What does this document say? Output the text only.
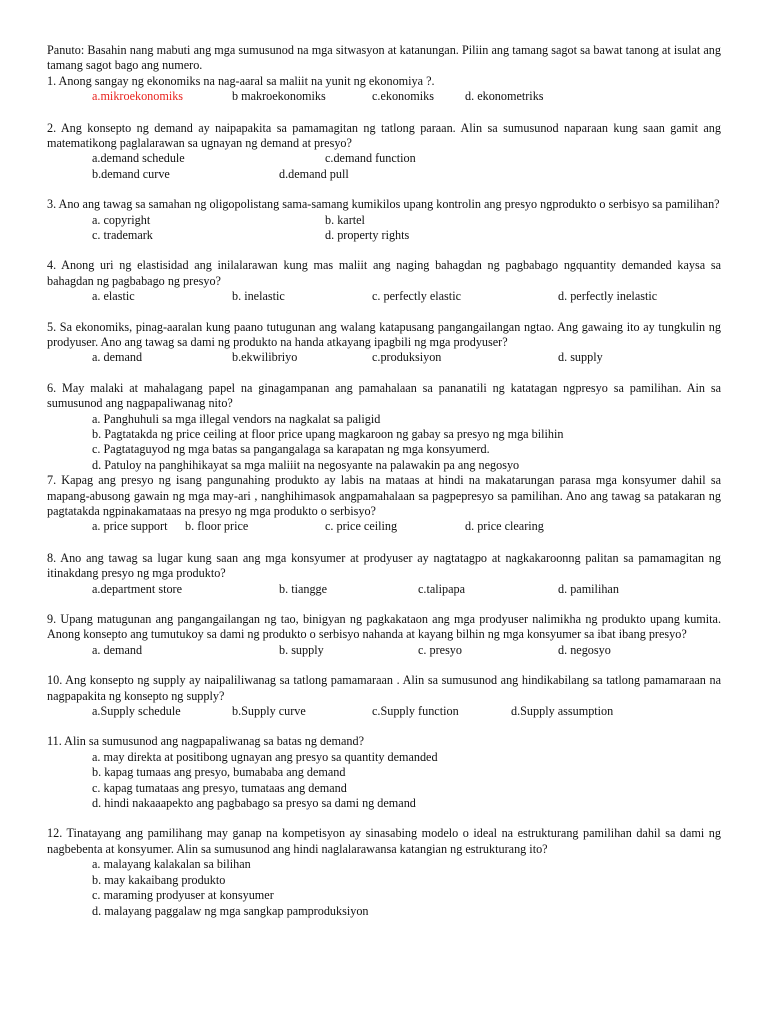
Panuto: Basahin nang mabuti ang mga sumusunod na mga sitwasyon at katanungan. Piliin ang tamang sagot sa bawat tanong at isulat ang tamang sagot bago ang numero.

1. Anong sangay ng ekonomiks na nag-aaral sa maliit na yunit ng ekonomiya ?.
a.mikroekonomiks	b makroekonomiks	c.ekonomiks	d. ekonometriks
2. Ang konsepto ng demand ay naipapakita sa pamamagitan ng tatlong paraan. Alin sa sumusunod naparaan kung saan gamit ang matematikong paglalarawan sa ugnayan ng demand at presyo?
a.demand schedule	c.demand function
b.demand curve	d.demand pull
3. Ano ang tawag sa samahan ng oligopolistang sama-samang kumikilos upang kontrolin ang presyo ngprodukto o serbisyo sa pamilihan?
a. copyright	b. kartel
c. trademark	d. property rights
4. Anong uri ng elastisidad ang inilalarawan kung mas maliit ang naging bahagdan ng pagbabago ngquantity demanded kaysa sa bahagdan ng pagbabago ng presyo?
a. elastic	b. inelastic	c. perfectly elastic	d. perfectly inelastic
5. Sa ekonomiks, pinag-aaralan kung paano tutugunan ang walang katapusang pangangailangan ngtao. Ang gawaing ito ay tungkulin ng prodyuser. Ano ang tawag sa dami ng produkto na handa atkayang ipagbili ng mga prodyuser?
a. demand	b.ekwilibriyo	c.produksiyon	d. supply
6. May malaki at mahalagang papel na ginagampanan ang pamahalaan sa pananatili ng katatagan ngpresyo sa pamilihan. Ain sa sumusunod ang nagpapaliwanag nito?
a. Panghuhuli sa mga illegal vendors na nagkalat sa paligid
b. Pagtatakda ng price ceiling at floor price upang magkaroon ng gabay sa presyo ng mga bilihin
c. Pagtataguyod ng mga batas sa pangangalaga sa karapatan ng mga konsyumerd.
d. Patuloy na panghihikayat sa mga maliiit na negosyante na palawakin pa ang negosyo
7. Kapag ang presyo ng isang pangunahing produkto ay labis na mataas at hindi na makatarungan parasa mga konsyumer dahil sa mapang-abusong gawain ng mga may-ari , nanghihimasok angpamahalaan sa pagpepresyo sa pamilihan. Ano ang tawag sa patakaran ng pagtatakda ngpinakamataas na presyo ng mga produkto o serbisyo?
a. price support b. floor price	c. price ceiling	d. price clearing
8. Ano ang tawag sa lugar kung saan ang mga konsyumer at prodyuser ay nagtatagpo at nagkakaroonng palitan sa pamamagitan ng itinakdang presyo ng mga produkto?
a.department store	b. tiangge	c.talipapa	d. pamilihan
9. Upang matugunan ang pangangailangan ng tao, binigyan ng pagkakataon ang mga prodyuser nalimikha ng produkto upang kumita. Anong konsepto ang tumutukoy sa dami ng produkto o serbisyo nahanda at kayang bilhin ng mga konsyumer sa ibat ibang presyo?
a. demand	b. supply	c. presyo	d. negosyo
10. Ang konsepto ng supply ay naipaliliwanag sa tatlong pamamaraan . Alin sa sumusunod ang hindikabilang sa tatlong pamamaraan na nagpapakita ng konsepto ng supply?
a.Supply schedule	b.Supply curve	c.Supply function	d.Supply assumption
11. Alin sa sumusunod ang nagpapaliwanag sa batas ng demand?
a. may direkta at positibong ugnayan ang presyo sa quantity demanded
b. kapag tumaas ang presyo, bumababa ang demand
c. kapag tumataas ang presyo, tumataas ang demand
d. hindi nakaaapekto ang pagbabago sa presyo sa dami ng demand
12. Tinatayang ang pamilihang may ganap na kompetisyon ay sinasabing modelo o ideal na estrukturang pamilihan dahil sa dami ng nagbebenta at konsyumer. Alin sa sumusunod ang hindi naglalarawansa katangian ng estrukturang ito?
a. malayang kalakalan sa bilihan
b. may kakaibang produkto
c. maraming prodyuser at konsyumer
d. malayang paggalaw ng mga sangkap pamproduksiyon
